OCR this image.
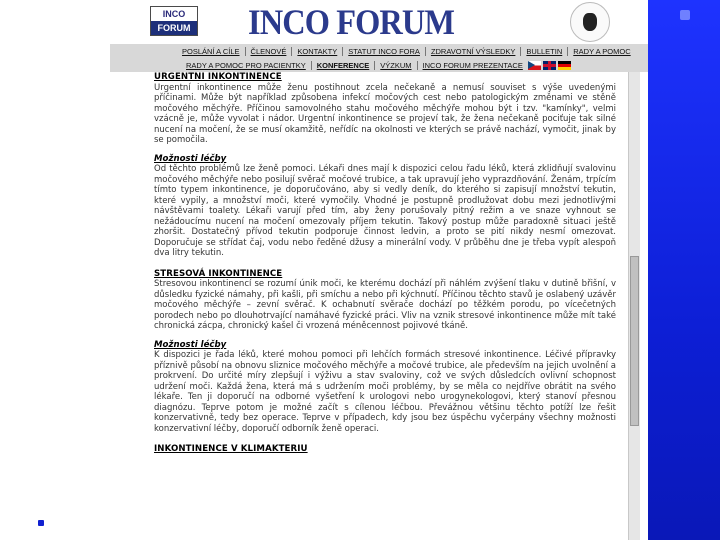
INCO
FORUM INCO FORUM
POSLÁNÍ A CÍLE ČLENOVÉ KONTAKTY STATUT INCO FORA ZDRAVOTNÍ VÝSLEDKY BULLETIN RADY A POMOC
RADY A POMOC PRO PACIENTKY KONFERENCE VÝZKUM INCO FORUM PREZENTACE
URGENTNÍ INKONTINENCE

Urgentní inkontinence může ženu postihnout zcela nečekaně a nemusí souviset s výše uvedenými příčinami. Může být například způsobena infekcí močových cest nebo patologickým změnami ve stěně močového měchýře. Příčinou samovolného stahu močového měchýře mohou být i tzv. "kamínky", velmi vzácně je, může vyvolat i nádor. Urgentní inkontinence se projeví tak, že žena nečekaně pociťuje tak silné nucení na močení, že se musí okamžitě, neřídíc na okolnosti ve kterých se právě nachází, vymočit, jinak by se pomočila.

Možnosti léčby

Od těchto problémů lze ženě pomoci. Lékaři dnes mají k dispozici celou řadu léků, která zklidňují svalovinu močového měchýře nebo posilují svěrač močové trubice, a tak upravují jeho vyprazdňování. Ženám, trpícím tímto typem inkontinence, je doporučováno, aby si vedly deník, do kterého si zapisují množství tekutin, které vypily, a množství moči, které vymočily. Vhodné je postupně prodlužovat dobu mezi jednotlivými návštěvami toalety. Lékaři varují před tím, aby ženy porušovaly pitný režim a ve snaze vyhnout se nežádoucímu nucení na močení omezovaly příjem tekutin. Takový postup může paradoxně situaci ještě zhoršit. Dostatečný přívod tekutin podporuje činnost ledvin, a proto se pití nikdy nesmí omezovat. Doporučuje se střídat čaj, vodu nebo ředěné džusy a minerální vody. V průběhu dne je třeba vypít alespoň dva litry tekutin.

STRESOVÁ INKONTINENCE

Stresovou inkontinencí se rozumí únik moči, ke kterému dochází při náhlém zvýšení tlaku v dutině břišní, v důsledku fyzické námahy, při kašli, při smíchu a nebo při kýchnutí. Příčinou těchto stavů je oslabený uzávěr močového měchýře – zevní svěrač. K ochabnutí svěrače dochází po těžkém porodu, po vícečetných porodech nebo po dlouhotrvající namáhavé fyzické práci. Vliv na vznik stresové inkontinence může mít také chronická zácpa, chronický kašel či vrozená méněcennost pojivové tkáně.

Možnosti léčby

K dispozici je řada léků, které mohou pomoci při lehčích formách stresové inkontinence. Léčivé přípravky příznivě působí na obnovu sliznice močového měchýře a močové trubice, ale především na jejich uvolnění a prokrvení. Do určité míry zlepšují i výživu a stav svaloviny, což ve svých důsledcích ovlivní schopnost udržení moči. Každá žena, která má s udržením moči problémy, by se měla co nejdříve obrátit na svého lékaře. Ten ji doporučí na odborné vyšetření k urologovi nebo urogynekologovi, který stanoví přesnou diagnózu. Teprve potom je možné začít s cílenou léčbou. Převážnou většinu těchto potíží lze řešit konzervativně, tedy bez operace. Teprve v případech, kdy jsou bez úspěchu vyčerpány všechny možnosti konzervativní léčby, doporučí odborník ženě operaci.

INKONTINENCE V KLIMAKTERIU
